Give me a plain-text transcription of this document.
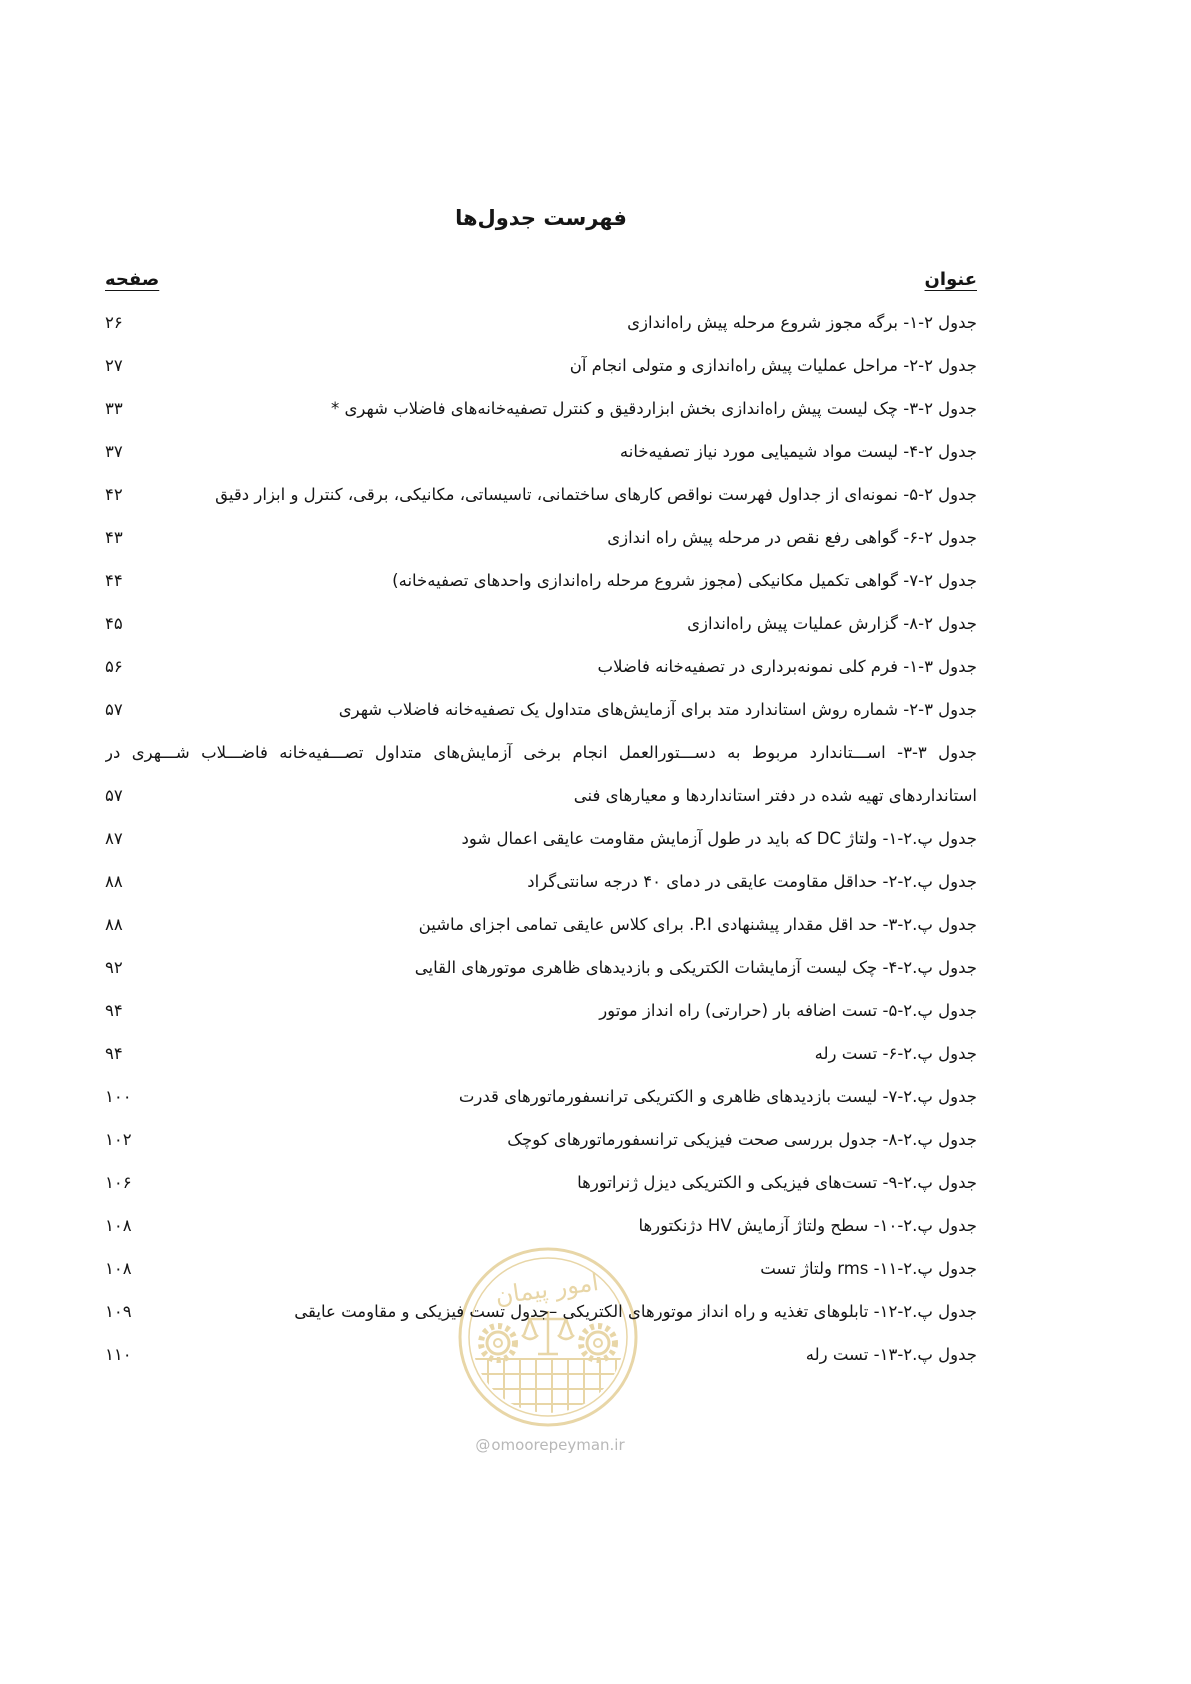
فهرست جدول‌ها
امور پیمان
عنوان
صفحه
جدول ۲‏-۱‏- برگه مجوز شروع مرحله پیش راه‌اندازی
۲۶
جدول ۲‏-۲‏- مراحل عملیات پیش راه‌اندازی و متولی انجام آن
۲۷
جدول ۲‏-۳‏- چک لیست پیش راه‌اندازی بخش ابزاردقیق و کنترل تصفیه‌خانه‌های فاضلاب شهری *
۳۳
جدول ۲‏-۴‏- لیست مواد شیمیایی مورد نیاز تصفیه‌خانه
۳۷
جدول ۲‏-۵‏- نمونه‌ای از جداول فهرست نواقص کارهای ساختمانی، تاسیساتی، مکانیکی، برقی، کنترل و ابزار دقیق
۴۲
جدول ۲‏-۶‏- گواهی رفع نقص در مرحله پیش راه اندازی
۴۳
جدول ۲‏-۷‏- گواهی تکمیل مکانیکی (مجوز شروع مرحله راه‌اندازی واحدهای تصفیه‌خانه)
۴۴
جدول ۲‏-۸‏- گزارش عملیات پیش راه‌اندازی
۴۵
جدول ۳‏-۱‏- فرم کلی نمونه‌برداری در تصفیه‌خانه فاضلاب
۵۶
جدول ۳‏-۲‏- شماره روش استاندارد متد برای آزمایش‌های متداول یک تصفیه‌خانه فاضلاب شهری
۵۷
جدول ۳‏-۳‏- اســـتاندارد مربوط به دســـتورالعمل انجام برخی آزمایش‌های متداول تصـــفیه‌خانه فاضـــلاب شـــهری در
استانداردهای تهیه شده در دفتر استانداردها و معیارهای فنی
۵۷
جدول پ.۲‏-۱‏- ولتاژ DC که باید در طول آزمایش مقاومت عایقی اعمال شود
۸۷
جدول پ.۲‏-۲‏- حداقل مقاومت عایقی در دمای ۴۰ درجه سانتی‌گراد
۸۸
جدول پ.۲‏-۳‏- حد اقل مقدار پیشنهادی P.I. برای کلاس عایقی تمامی اجزای ماشین
۸۸
جدول پ.۲‏-۴‏- چک لیست آزمایشات الکتریکی و بازدیدهای ظاهری موتورهای القایی
۹۲
جدول پ.۲‏-۵‏- تست اضافه بار (حرارتی) راه انداز موتور
۹۴
جدول پ.۲‏-۶‏- تست رله
۹۴
جدول پ.۲‏-۷‏- لیست بازدیدهای ظاهری و الکتریکی ترانسفورماتورهای قدرت
۱۰۰
جدول پ.۲‏-۸‏- جدول بررسی صحت فیزیکی ترانسفورماتورهای کوچک
۱۰۲
جدول پ.۲‏-۹‏- تست‌های فیزیکی و الکتریکی دیزل ژنراتورها
۱۰۶
جدول پ.۲‏-۱۰‏- سطح ولتاژ آزمایش HV دژنکتورها
۱۰۸
جدول پ.۲‏-۱۱‏- rms ولتاژ تست
۱۰۸
جدول پ.۲‏-۱۲‏- تابلوهای تغذیه و راه انداز موتورهای الکتریکی –جدول تست فیزیکی و مقاومت عایقی
۱۰۹
جدول پ.۲‏-۱۳‏- تست رله
۱۱۰
@omoorepeyman.ir
